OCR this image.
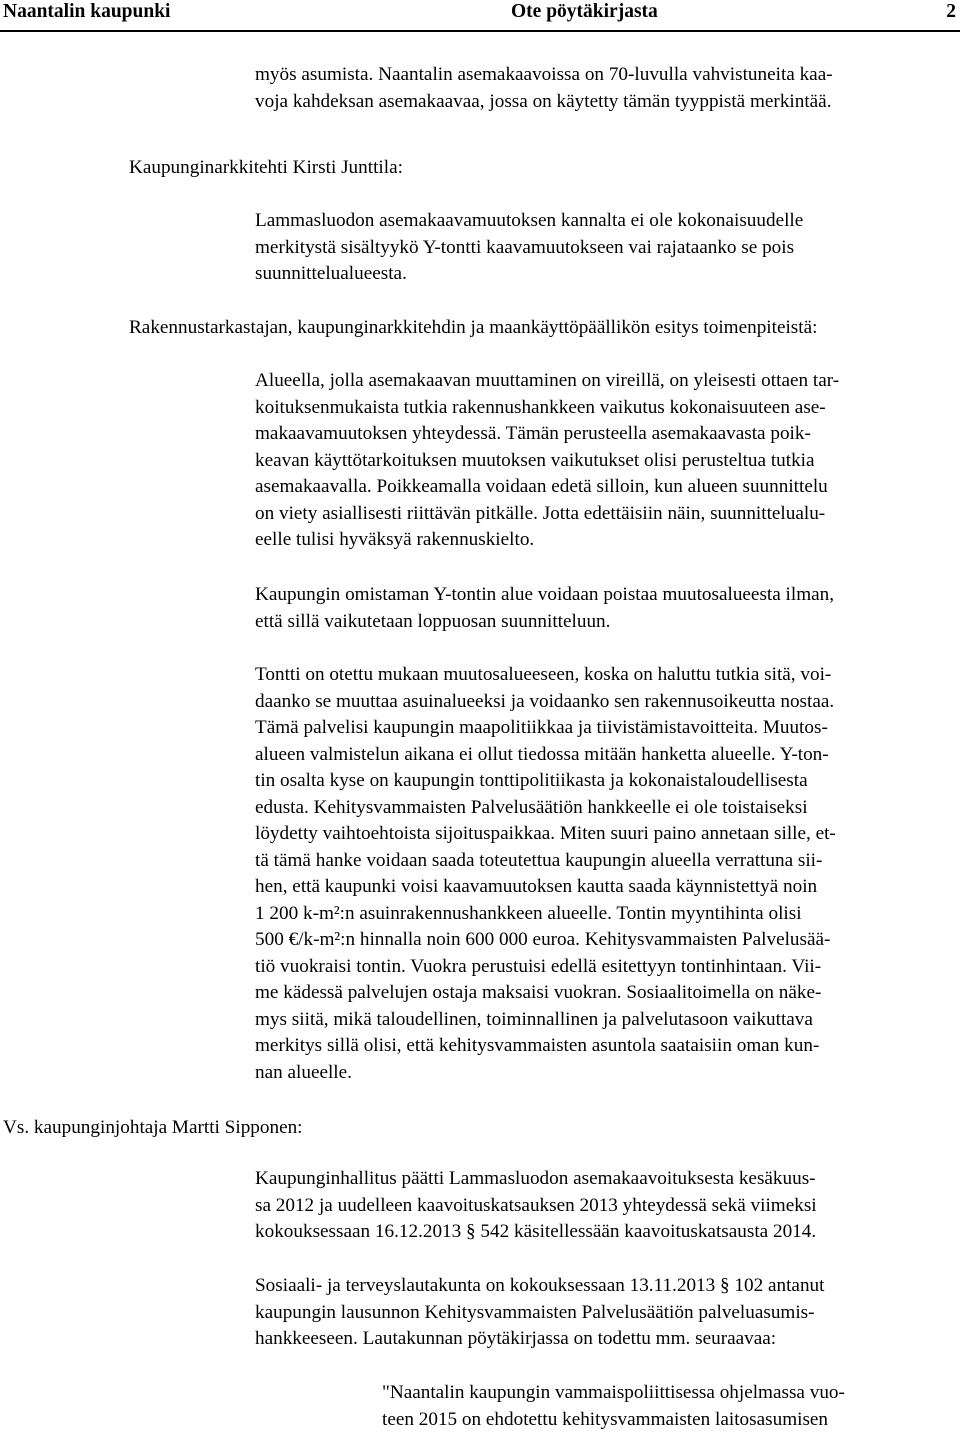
Naantalin kaupunki	Ote pöytäkirjasta	2
myös asumista. Naantalin asemakaavoissa on 70-luvulla vahvistuneita kaa-
voja kahdeksan asemakaavaa, jossa on käytetty tämän tyyppistä merkintää.
Kaupunginarkkitehti Kirsti Junttila:
Lammasluodon asemakaavamuutoksen kannalta ei ole kokonaisuudelle
merkitystä sisältyykö Y-tontti kaavamuutokseen vai rajataanko se pois
suunnittelualueesta.
Rakennustarkastajan, kaupunginarkkitehdin ja maankäyttöpäällikön esitys toimenpiteistä:
Alueella, jolla asemakaavan muuttaminen on vireillä, on yleisesti ottaen tar-
koituksenmukaista tutkia rakennushankkeen vaikutus kokonaisuuteen ase-
makaavamuutoksen yhteydessä. Tämän perusteella asemakaavasta poik-
keavan käyttötarkoituksen muutoksen vaikutukset olisi perusteltua tutkia
asemakaavalla. Poikkeamalla voidaan edetä silloin, kun alueen suunnittelu
on viety asiallisesti riittävän pitkälle. Jotta edettäisiin näin, suunnittelualu-
eelle tulisi hyväksyä rakennuskielto.
Kaupungin omistaman Y-tontin alue voidaan poistaa muutosalueesta ilman,
että sillä vaikutetaan loppuosan suunnitteluun.
Tontti on otettu mukaan muutosalueeseen, koska on haluttu tutkia sitä, voi-
daanko se muuttaa asuinalueeksi ja voidaanko sen rakennusoikeutta nostaa.
Tämä palvelisi kaupungin maapolitiikkaa ja tiivistämistavoitteita. Muutos-
alueen valmistelun aikana ei ollut tiedossa mitään hanketta alueelle. Y-ton-
tin osalta kyse on kaupungin tonttipolitiikasta ja kokonaistaloudellisesta
edusta. Kehitysvammaisten Palvelusäätiön hankkeelle ei ole toistaiseksi
löydetty vaihtoehtoista sijoituspaikkaa. Miten suuri paino annetaan sille, et-
tä tämä hanke voidaan saada toteutettua kaupungin alueella verrattuna sii-
hen, että kaupunki voisi kaavamuutoksen kautta saada käynnistettyä noin
1 200 k-m²:n asuinrakennushankkeen alueelle. Tontin myyntihinta olisi
500 €/k-m²:n hinnalla noin 600 000 euroa. Kehitysvammaisten Palvelusää-
tiö vuokraisi tontin. Vuokra perustuisi edellä esitettyyn tontinhintaan. Vii-
me kädessä palvelujen ostaja maksaisi vuokran. Sosiaalitoimella on näke-
mys siitä, mikä taloudellinen, toiminnallinen ja palvelutasoon vaikuttava
merkitys sillä olisi, että kehitysvammaisten asuntola saataisiin oman kun-
nan alueelle.
Vs. kaupunginjohtaja Martti Sipponen:
Kaupunginhallitus päätti Lammasluodon asemakaavoituksesta kesäkuus-
sa 2012 ja uudelleen kaavoituskatsauksen 2013 yhteydessä sekä viimeksi
kokouksessaan 16.12.2013 § 542 käsitellessään kaavoituskatsausta 2014.
Sosiaali- ja terveyslautakunta on kokouksessaan 13.11.2013 § 102 antanut
kaupungin lausunnon Kehitysvammaisten Palvelusäätiön palveluasumis-
hankkeeseen. Lautakunnan pöytäkirjassa on todettu mm. seuraavaa:
"Naantalin kaupungin vammaispoliittisessa ohjelmassa vuo-
teen 2015 on ehdotettu kehitysvammaisten laitosasumisen
